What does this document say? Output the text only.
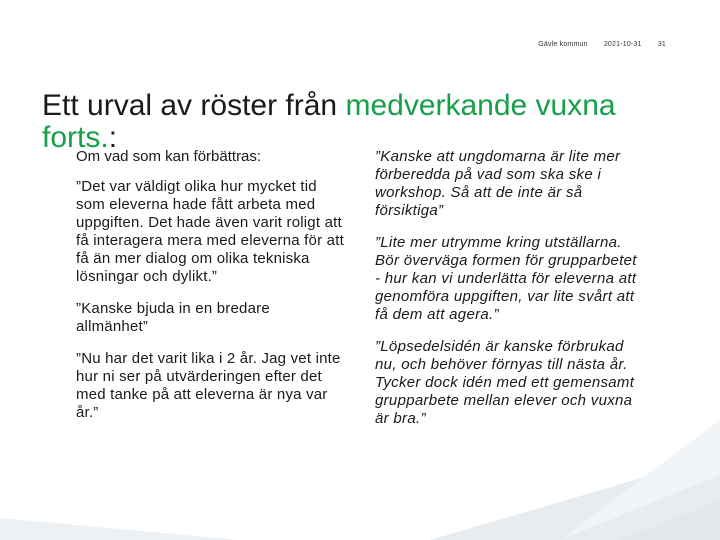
Gävle kommun 2021-10-31 31
Ett urval av röster från medverkande vuxna forts.:

Om vad som kan förbättras:

”Det var väldigt olika hur mycket tid som eleverna hade fått arbeta med uppgiften. Det hade även varit roligt att få interagera mera med eleverna för att få än mer dialog om olika tekniska lösningar och dylikt.”

”Kanske bjuda in en bredare allmänhet”

”Nu har det varit lika i 2 år. Jag vet inte hur ni ser på utvärderingen efter det med tanke på att eleverna är nya var år.”

”Kanske att ungdomarna är lite mer förberedda på vad som ska ske i workshop. Så att de inte är så försiktiga”

”Lite mer utrymme kring utställarna. Bör överväga formen för grupparbetet - hur kan vi underlätta för eleverna att genomföra uppgiften, var lite svårt att få dem att agera.”

”Löpsedelsidén är kanske förbrukad nu, och behöver förnyas till nästa år. Tycker dock idén med ett gemensamt grupparbete mellan elever och vuxna är bra.”
